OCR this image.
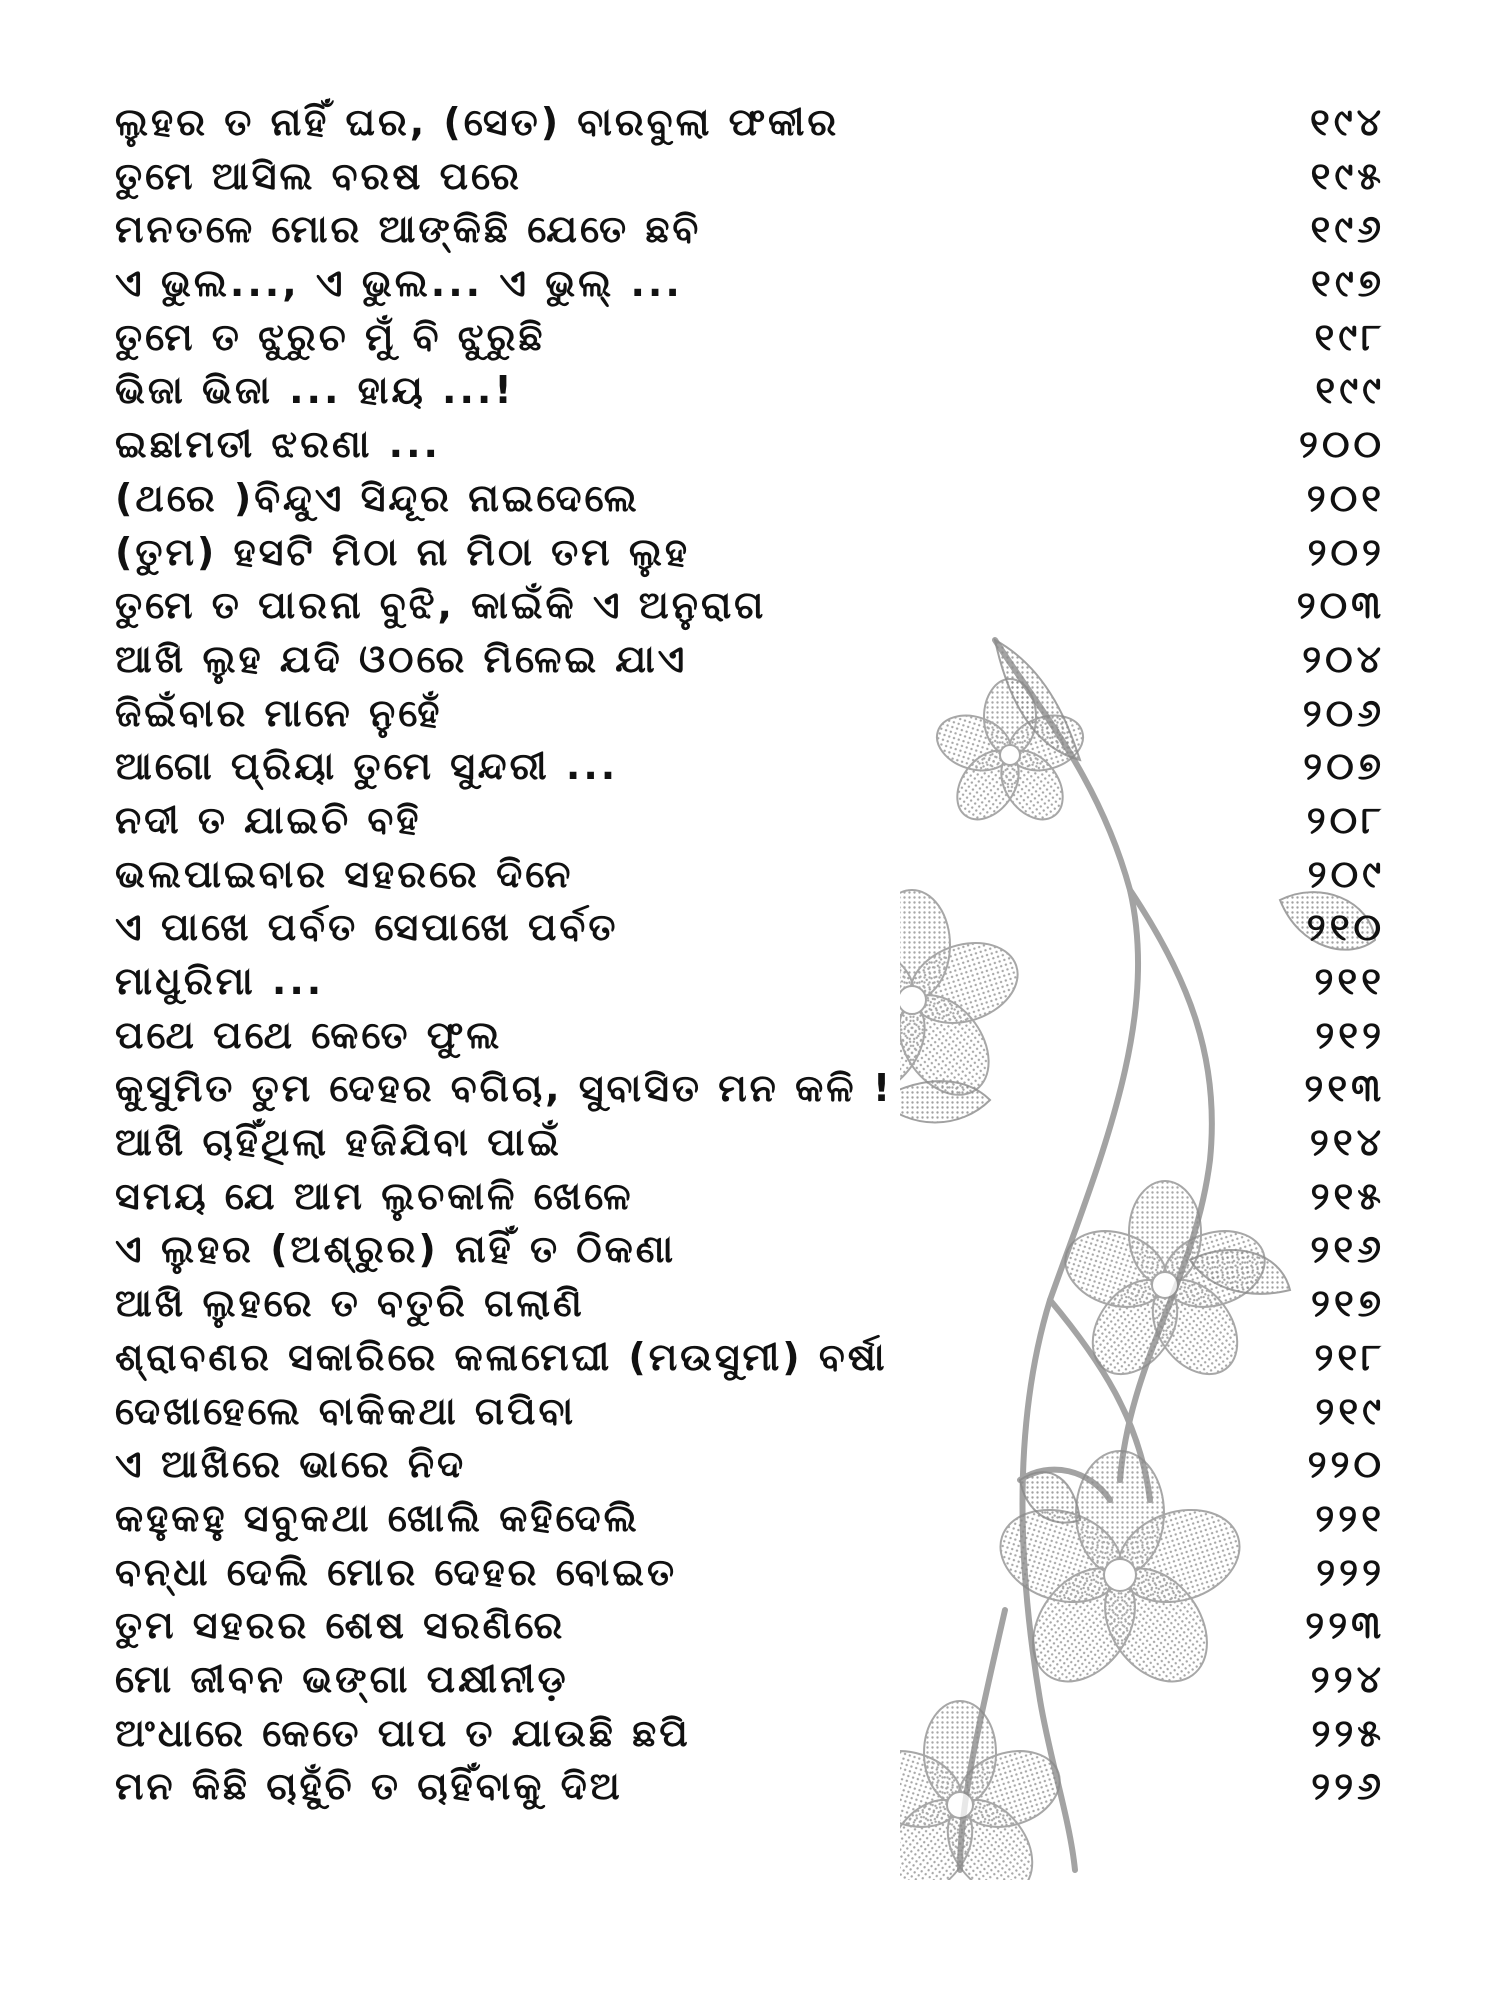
ଲୁହର ତ ନାହିଁ ଘର, (ସେତ) ବାରବୁଲା ଫକୀର	୧୯୪
ତୁମେ ଆସିଲ ବରଷ ପରେ	୧୯୫
ମନତଳେ ମୋର ଆଙ୍କିଛି ଯେତେ ଛବି	୧୯୬
ଏ ଭୁଲ..., ଏ ଭୁଲ... ଏ ଭୁଲ୍ ...	୧୯୭
ତୁମେ ତ ଝୁରୁଚ ମୁଁ ବି ଝୁରୁଛି	୧୯୮
ଭିଜା ଭିଜା ... ହାୟ ...!	୧୯୯
ଇଛାମତୀ ଝରଣା ...	୨୦୦
(ଥରେ )ବିନ୍ଦୁଏ ସିନ୍ଦୂର ନାଇଦେଲେ	୨୦୧
(ତୁମ) ହସଟି ମିଠା ନା ମିଠା ତମ ଲୁହ	୨୦୨
ତୁମେ ତ ପାରନା ବୁଝି, କାଇଁକି ଏ ଅନୁରାଗ	୨୦୩
ଆଖି ଲୁହ ଯଦି ଓଠରେ ମିଳେଇ ଯାଏ	୨୦୪
ଜିଇଁବାର ମାନେ ନୁହେଁ	୨୦୬
ଆଗୋ ପ୍ରିୟା ତୁମେ ସୁନ୍ଦରୀ ...	୨୦୭
ନଦୀ ତ ଯାଇଚି ବହି	୨୦୮
ଭଲପାଇବାର ସହରରେ ଦିନେ	୨୦୯
ଏ ପାଖେ ପର୍ବତ ସେପାଖେ ପର୍ବତ	୨୧୦
ମାଧୁରିମା ...	୨୧୧
ପଥେ ପଥେ କେତେ ଫୁଲ	୨୧୨
କୁସୁମିତ ତୁମ ଦେହର ବଗିଚା, ସୁବାସିତ ମନ କଳି !	୨୧୩
ଆଖି ଚାହିଁଥିଲା ହଜିଯିବା ପାଇଁ	୨୧୪
ସମୟ ଯେ ଆମ ଲୁଚକାଳି ଖେଳେ	୨୧୫
ଏ ଲୁହର (ଅଶ୍ରୁର) ନାହିଁ ତ ଠିକଣା	୨୧୬
ଆଖି ଲୁହରେ ତ ବତୁରି ଗଲାଣି	୨୧୭
ଶ୍ରାବଣର ସକାରିରେ କଳାମେଘୀ (ମଉସୁମୀ) ବର୍ଷା	୨୧୮
ଦେଖାହେଲେ ବାକିକଥା ଗପିବା	୨୧୯
ଏ ଆଖିରେ ଭାରେ ନିଦ	୨୨୦
କହୁକହୁ ସବୁକଥା ଖୋଲି କହିଦେଲି	୨୨୧
ବନ୍ଧା ଦେଲି ମୋର ଦେହର ବୋଇତ	୨୨୨
ତୁମ ସହରର ଶେଷ ସରଣିରେ	୨୨୩
ମୋ ଜୀବନ ଭଙ୍ଗା ପକ୍ଷୀନୀଡ଼	୨୨୪
ଅଂଧାରେ କେତେ ପାପ ତ ଯାଉଛି ଛପି	୨୨୫
ମନ କିଛି ଚାହୁଁଚି ତ ଚାହିଁବାକୁ ଦିଅ	୨୨୬
